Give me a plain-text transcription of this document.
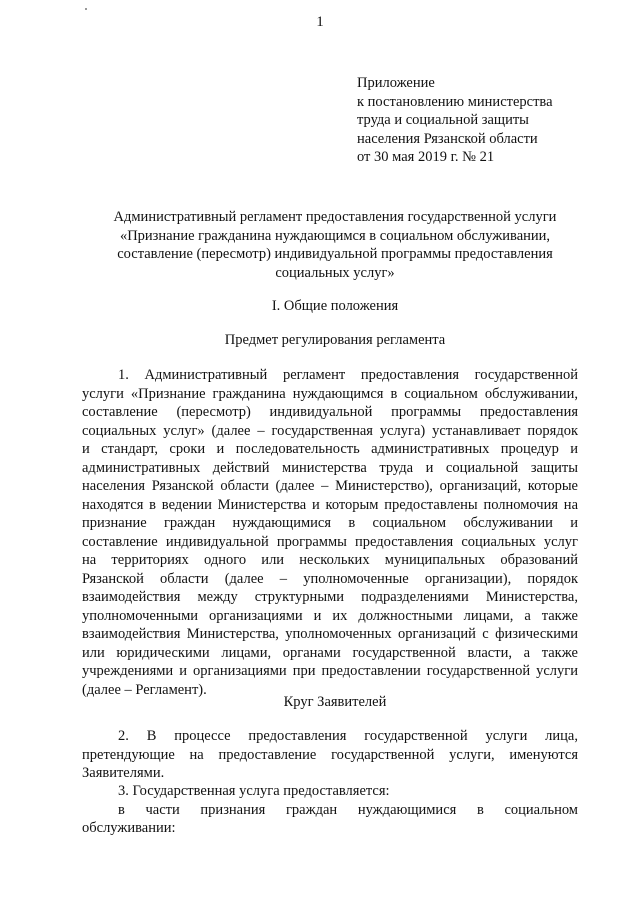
1
Приложение
к постановлению министерства
труда и социальной защиты
населения Рязанской области
от 30 мая 2019 г. № 21
Административный регламент предоставления государственной услуги
«Признание гражданина нуждающимся в социальном обслуживании,
составление (пересмотр) индивидуальной программы предоставления
социальных услуг»
I. Общие положения
Предмет регулирования регламента
1. Административный регламент предоставления государственной
услуги «Признание гражданина нуждающимся в социальном обслуживании,
составление (пересмотр) индивидуальной программы предоставления
социальных услуг» (далее – государственная услуга) устанавливает порядок
и стандарт, сроки и последовательность административных процедур и
административных действий министерства труда и социальной защиты
населения Рязанской области (далее – Министерство), организаций, которые
находятся в ведении Министерства и которым предоставлены полномочия на
признание граждан нуждающимися в социальном обслуживании и
составление индивидуальной программы предоставления социальных услуг
на территориях одного или нескольких муниципальных образований
Рязанской области (далее – уполномоченные организации), порядок
взаимодействия между структурными подразделениями Министерства,
уполномоченными организациями и их должностными лицами, а также
взаимодействия Министерства, уполномоченных организаций с физическими
или юридическими лицами, органами государственной власти, а также
учреждениями и организациями при предоставлении государственной услуги
(далее – Регламент).
Круг Заявителей
2. В процессе предоставления государственной услуги лица,
претендующие на предоставление государственной услуги, именуются
Заявителями.
3. Государственная услуга предоставляется:
в части признания граждан нуждающимися в социальном
обслуживании:
